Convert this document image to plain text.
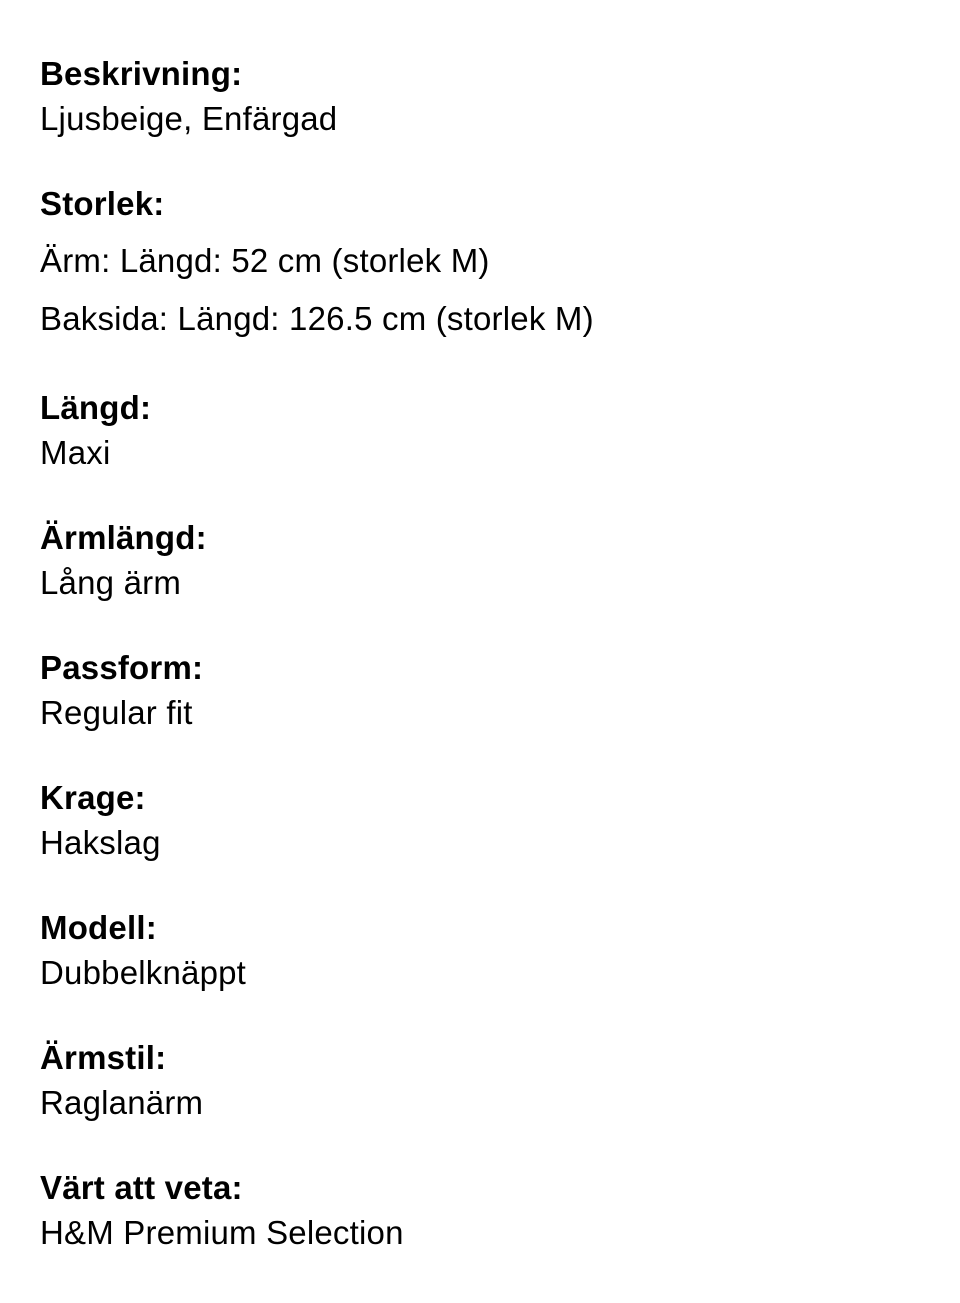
Beskrivning:
Ljusbeige, Enfärgad
Storlek:
Ärm: Längd: 52 cm (storlek M)
Baksida: Längd: 126.5 cm (storlek M)
Längd:
Maxi
Ärmlängd:
Lång ärm
Passform:
Regular fit
Krage:
Hakslag
Modell:
Dubbelknäppt
Ärmstil:
Raglanärm
Värt att veta:
H&M Premium Selection
